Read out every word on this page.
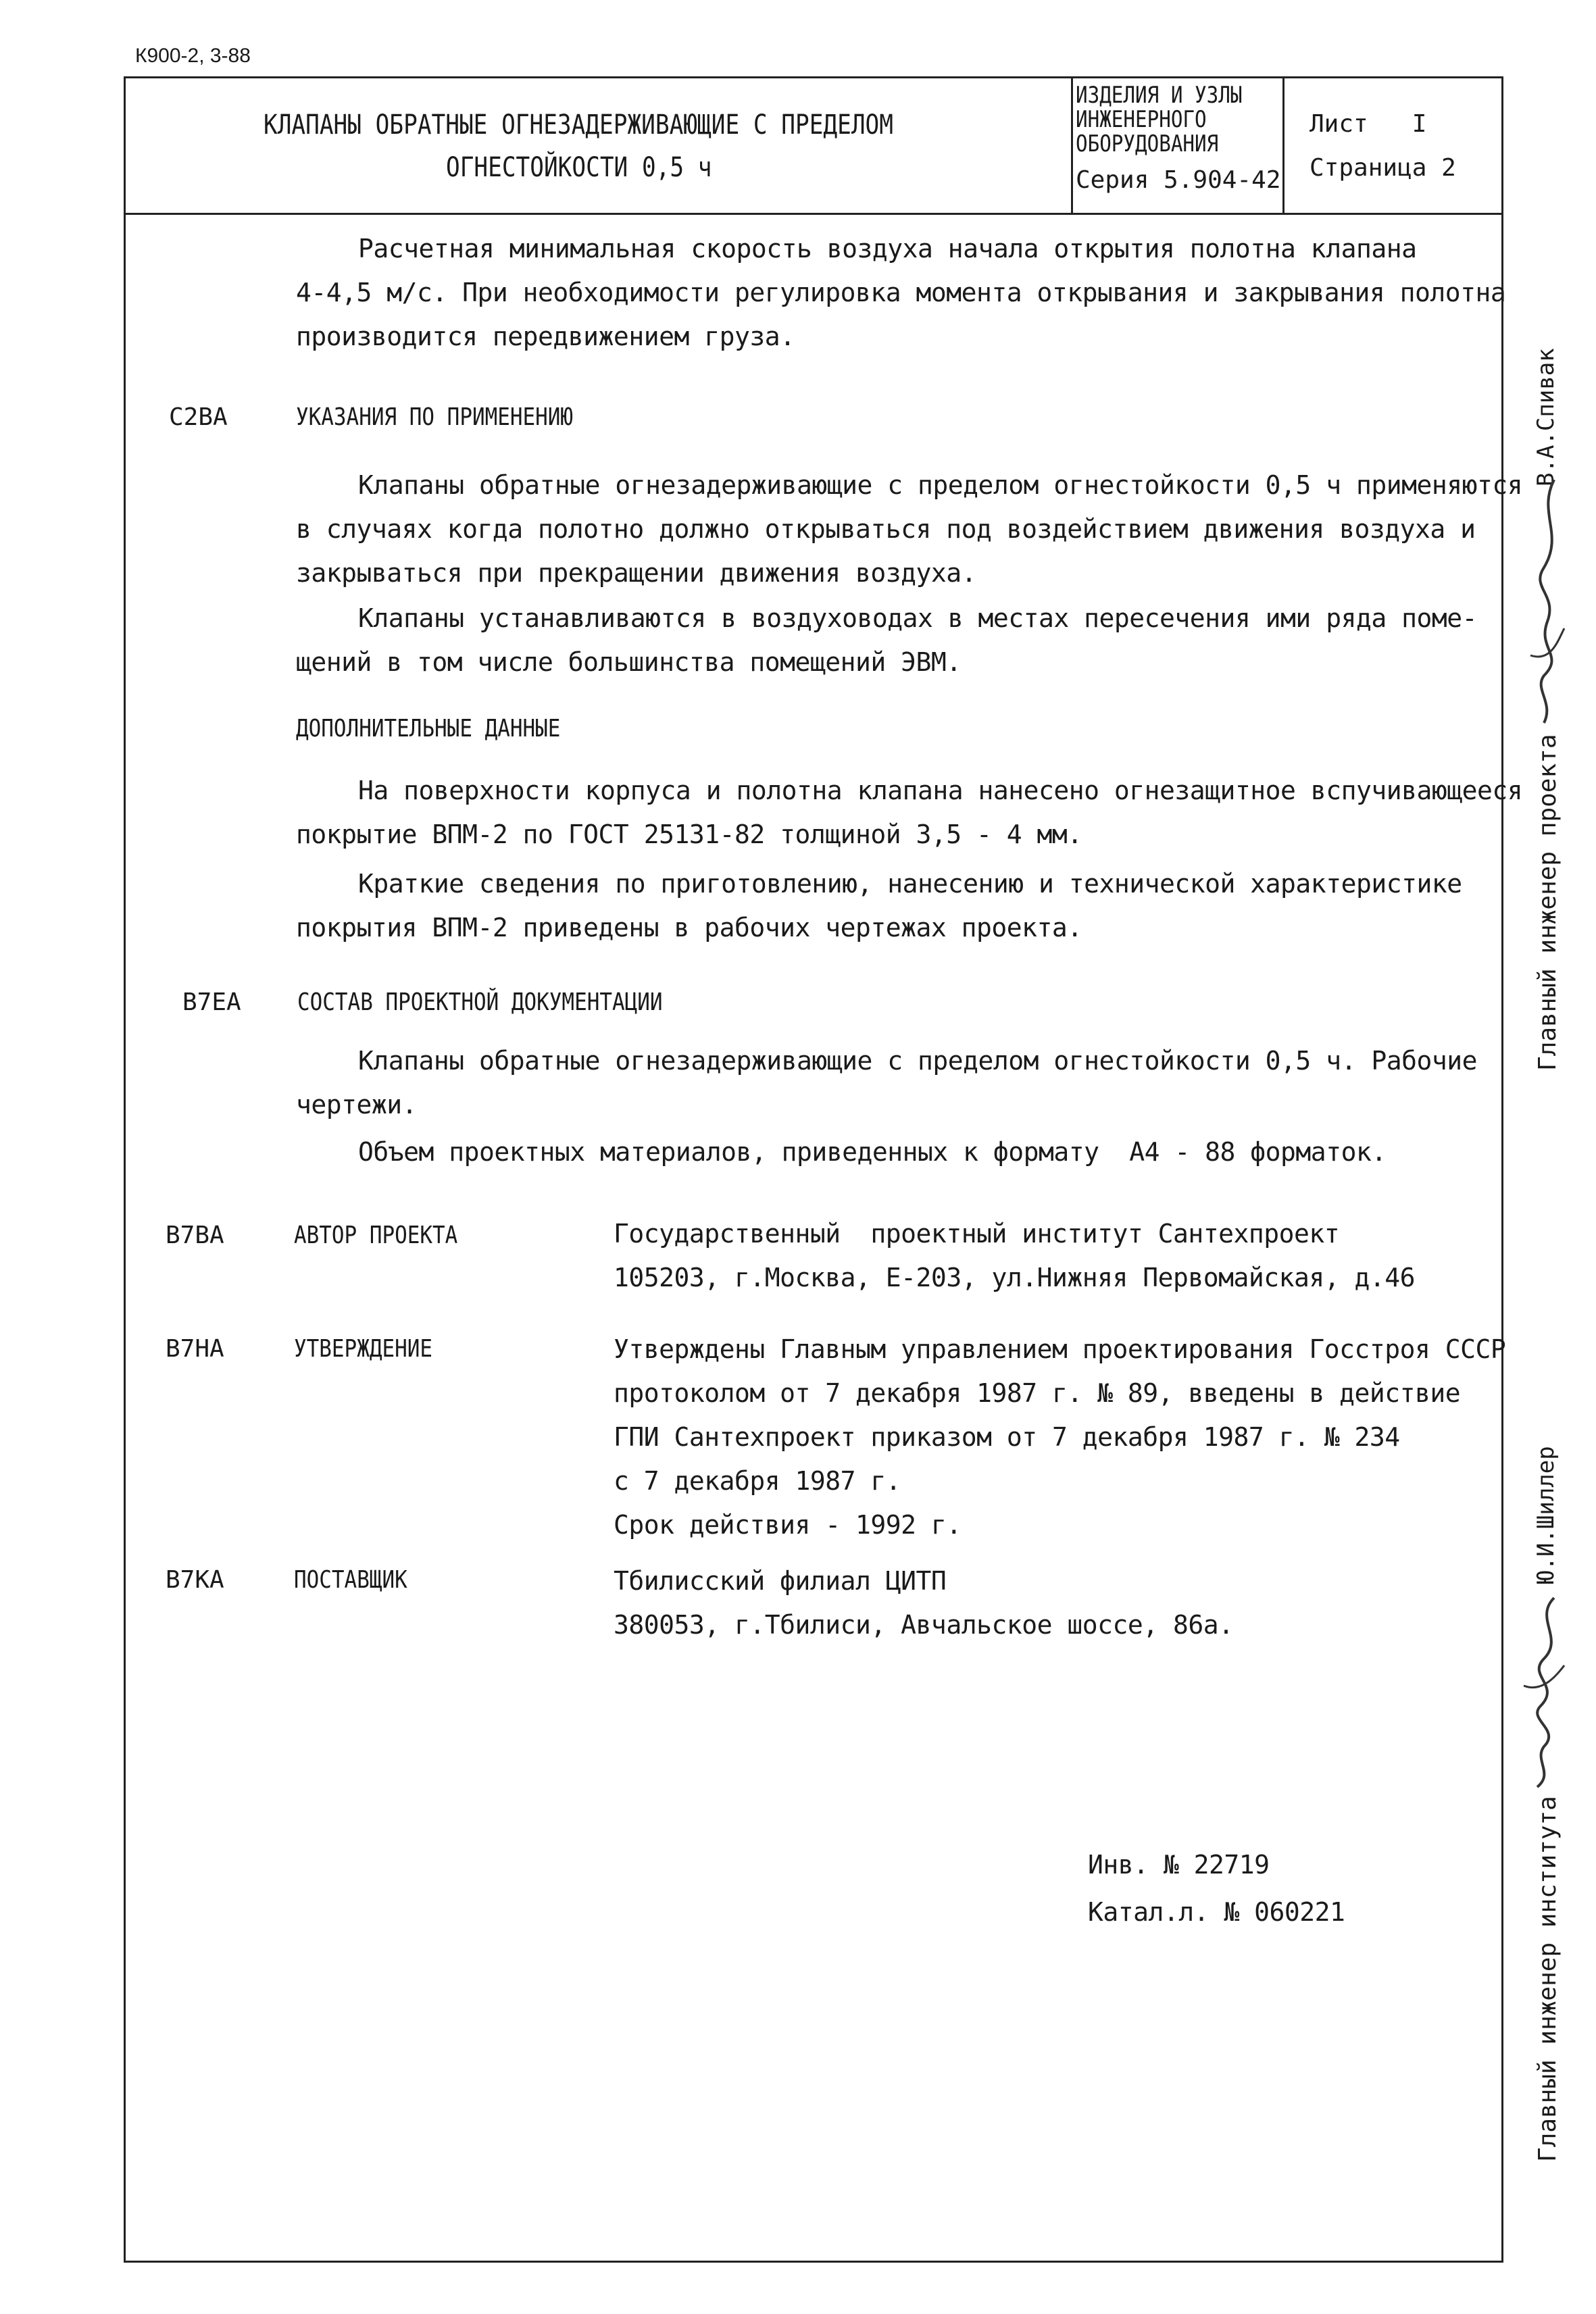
К900-2, 3-88
КЛАПАНЫ ОБРАТНЫЕ ОГНЕЗАДЕРЖИВАЮЩИЕ С ПРЕДЕЛОМ
ОГНЕСТОЙКОСТИ 0,5 ч
ИЗДЕЛИЯ И УЗЛЫ
ИНЖЕНЕРНОГО
ОБОРУДОВАНИЯ
Серия 5.904-42
Лист   I
Страница 2
Расчетная минимальная скорость воздуха начала открытия полотна клапана
4-4,5 м/с. При необходимости регулировка момента открывания и закрывания полотна
производится передвижением груза.
С2ВА	УКАЗАНИЯ ПО ПРИМЕНЕНИЮ
Клапаны обратные огнезадерживающие с пределом огнестойкости 0,5 ч применяются
в случаях когда полотно должно открываться под воздействием движения воздуха и
закрываться при прекращении движения воздуха.
Клапаны устанавливаются в воздуховодах в местах пересечения ими ряда поме-
щений в том числе большинства помещений ЭВМ.
ДОПОЛНИТЕЛЬНЫЕ ДАННЫЕ
На поверхности корпуса и полотна клапана нанесено огнезащитное вспучивающееся
покрытие ВПМ-2 по ГОСТ 25131-82 толщиной 3,5 - 4 мм.
Краткие сведения по приготовлению, нанесению и технической характеристике
покрытия ВПМ-2 приведены в рабочих чертежах проекта.
В7ЕА СОСТАВ ПРОЕКТНОЙ ДОКУМЕНТАЦИИ
Клапаны обратные огнезадерживающие с пределом огнестойкости 0,5 ч. Рабочие
чертежи.
Объем проектных материалов, приведенных к формату  А4 - 88 форматок.
В7ВА	АВТОР ПРОЕКТА	Государственный  проектный институт Сантехпроект
105203, г.Москва, Е-203, ул.Нижняя Первомайская, д.46
В7НА	УТВЕРЖДЕНИЕ	Утверждены Главным управлением проектирования Госстроя СССР
протоколом от 7 декабря 1987 г. № 89, введены в действие
ГПИ Сантехпроект приказом от 7 декабря 1987 г. № 234
с 7 декабря 1987 г.
Срок действия - 1992 г.
В7КА	ПОСТАВЩИК	Тбилисский филиал ЦИТП
380053, г.Тбилиси, Авчальское шоссе, 86а.
Инв. № 22719
Катал.л. № 060221
Главный инженер проекта
В.А.Спивак
Главный инженер института
Ю.И.Шиллер
